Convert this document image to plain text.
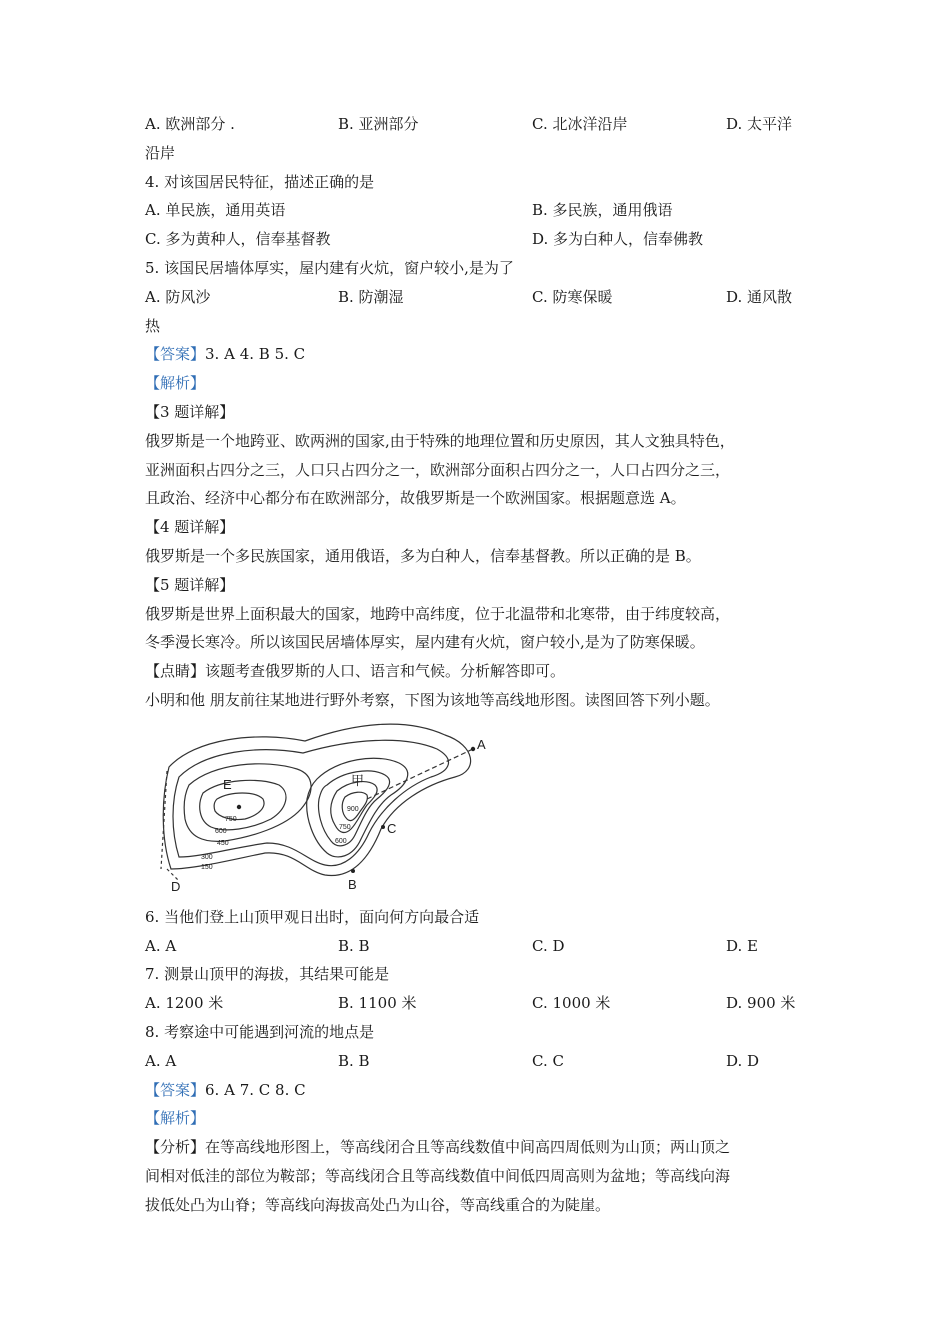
A. 欧洲部分 .	B. 亚洲部分	C. 北冰洋沿岸	D. 太平洋
沿岸
4. 对该国居民特征，描述正确的是
A. 单民族，通用英语	B. 多民族，通用俄语
C. 多为黄种人，信奉基督教	D. 多为白种人，信奉佛教
5. 该国民居墙体厚实，屋内建有火炕，窗户较小,是为了
A. 防风沙	B. 防潮湿	C. 防寒保暖	D. 通风散
热
【答案】3. A 4. B 5. C
【解析】
【3 题详解】

俄罗斯是一个地跨亚、欧两洲的国家,由于特殊的地理位置和历史原因，其人文独具特色，

亚洲面积占四分之三，人口只占四分之一，欧洲部分面积占四分之一，人口占四分之三，

且政治、经济中心都分布在欧洲部分，故俄罗斯是一个欧洲国家。根据题意选 A。

【4 题详解】

俄罗斯是一个多民族国家，通用俄语，多为白种人，信奉基督教。所以正确的是 B。

【5 题详解】

俄罗斯是世界上面积最大的国家，地跨中高纬度，位于北温带和北寒带，由于纬度较高，

冬季漫长寒冷。所以该国民居墙体厚实，屋内建有火炕，窗户较小,是为了防寒保暖。

【点睛】该题考查俄罗斯的人口、语言和气候。分析解答即可。
小明和他 朋友前往某地进行野外考察，下图为该地等高线地形图。读图回答下列小题。
A
B
C
D
E	甲
750
600
450
300
150
900
750
600
6. 当他们登上山顶甲观日出时，面向何方向最合适
A. A	B. B	C. D	D. E
7. 测景山顶甲的海拔，其结果可能是
A. 1200 米	B. 1100 米	C. 1000 米	D. 900 米
8. 考察途中可能遇到河流的地点是
A. A	B. B	C. C	D. D
【答案】6. A 7. C 8. C
【解析】

【分析】在等高线地形图上，等高线闭合且等高线数值中间高四周低则为山顶；两山顶之

间相对低洼的部位为鞍部；等高线闭合且等高线数值中间低四周高则为盆地；等高线向海

拔低处凸为山脊；等高线向海拔高处凸为山谷，等高线重合的为陡崖。
